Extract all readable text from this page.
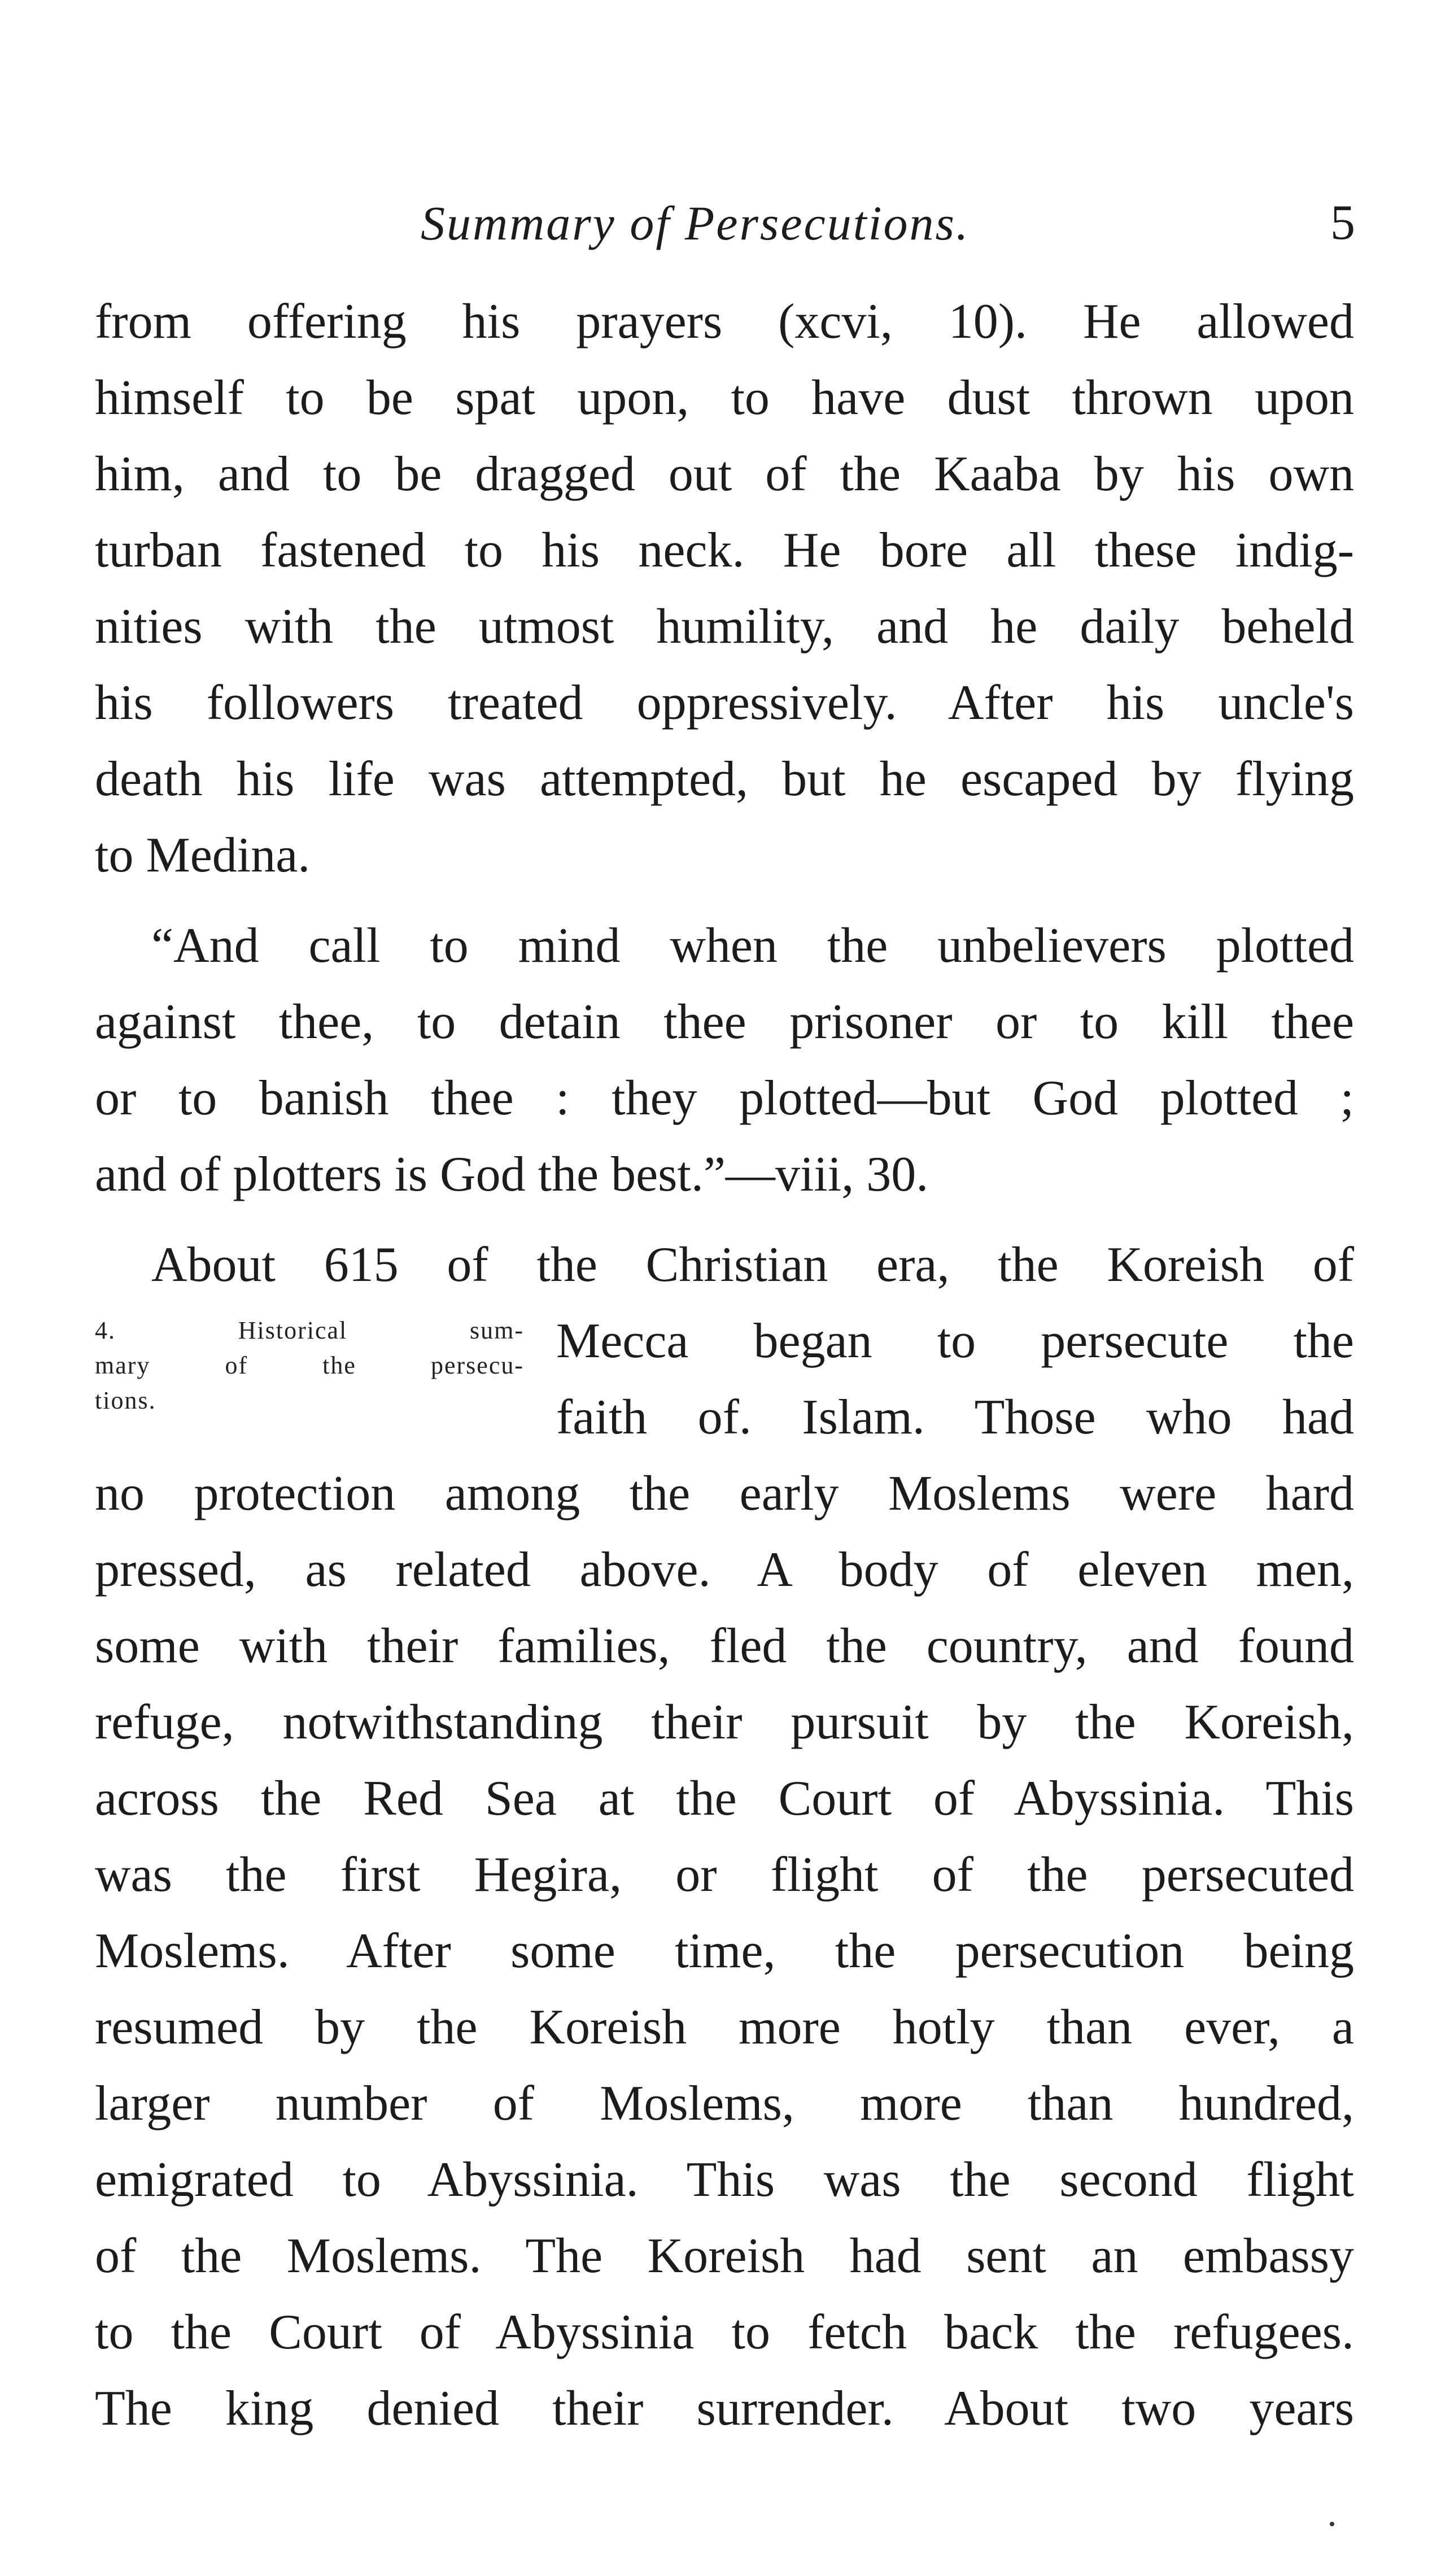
Summary of Persecutions.	5
from offering his prayers (xcvi, 10). He allowed
himself to be spat upon, to have dust thrown upon
him, and to be dragged out of the Kaaba by his own
turban fastened to his neck. He bore all these indig-
nities with the utmost humility, and he daily beheld
his followers treated oppressively. After his uncle's
death his life was attempted, but he escaped by flying
to Medina.
“And call to mind when the unbelievers plotted
against thee, to detain thee prisoner or to kill thee
or to banish thee : they plotted—but God plotted ;
and of plotters is God the best.”—viii, 30.
About 615 of the Christian era, the Koreish of
Mecca began to persecute the
faith of. Islam. Those who had
no protection among the early Moslems were hard
pressed, as related above. A body of eleven men,
some with their families, fled the country, and found
refuge, notwithstanding their pursuit by the Koreish,
across the Red Sea at the Court of Abyssinia. This
was the first Hegira, or flight of the persecuted
Moslems. After some time, the persecution being
resumed by the Koreish more hotly than ever, a
larger number of Moslems, more than hundred,
emigrated to Abyssinia. This was the second flight
of the Moslems. The Koreish had sent an embassy
to the Court of Abyssinia to fetch back the refugees.
The king denied their surrender. About two years
4. Historical sum-
mary of the persecu-
tions.
